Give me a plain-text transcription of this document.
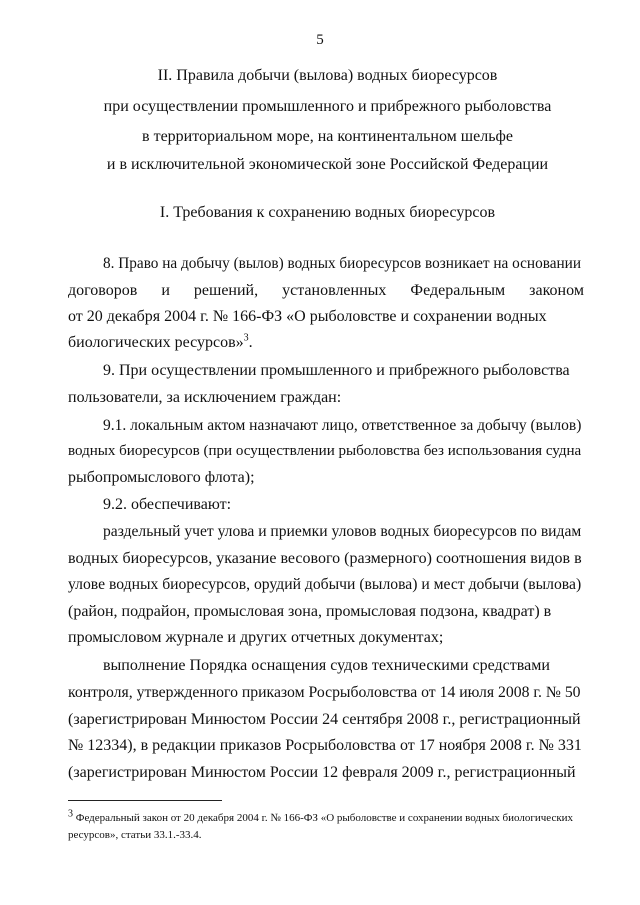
5
II. Правила добычи (вылова) водных биоресурсов
при осуществлении промышленного и прибрежного рыболовства
в территориальном море, на континентальном шельфе
и в исключительной экономической зоне Российской Федерации
I. Требования к сохранению водных биоресурсов
8. Право на добычу (вылов) водных биоресурсов возникает на основании
договоров и решений, установленных Федеральным законом
от 20 декабря 2004 г. № 166-ФЗ «О рыболовстве и сохранении водных
биологических ресурсов»$^3$.
9. При осуществлении промышленного и прибрежного рыболовства
пользователи, за исключением граждан:
9.1. локальным актом назначают лицо, ответственное за добычу (вылов)
водных биоресурсов (при осуществлении рыболовства без использования судна
рыбопромыслового флота);
9.2. обеспечивают:
раздельный учет улова и приемки уловов водных биоресурсов по видам
водных биоресурсов, указание весового (размерного) соотношения видов в
улове водных биоресурсов, орудий добычи (вылова) и мест добычи (вылова)
(район, подрайон, промысловая зона, промысловая подзона, квадрат) в
промысловом журнале и других отчетных документах;
выполнение Порядка оснащения судов техническими средствами
контроля, утвержденного приказом Росрыболовства от 14 июля 2008 г. № 50
(зарегистрирован Минюстом России 24 сентября 2008 г., регистрационный
№ 12334), в редакции приказов Росрыболовства от 17 ноября 2008 г. № 331
(зарегистрирован Минюстом России 12 февраля 2009 г., регистрационный
$^3$ Федеральный закон от 20 декабря 2004 г. № 166-ФЗ «О рыболовстве и сохранении водных биологических
ресурсов», статьи 33.1.-33.4.
